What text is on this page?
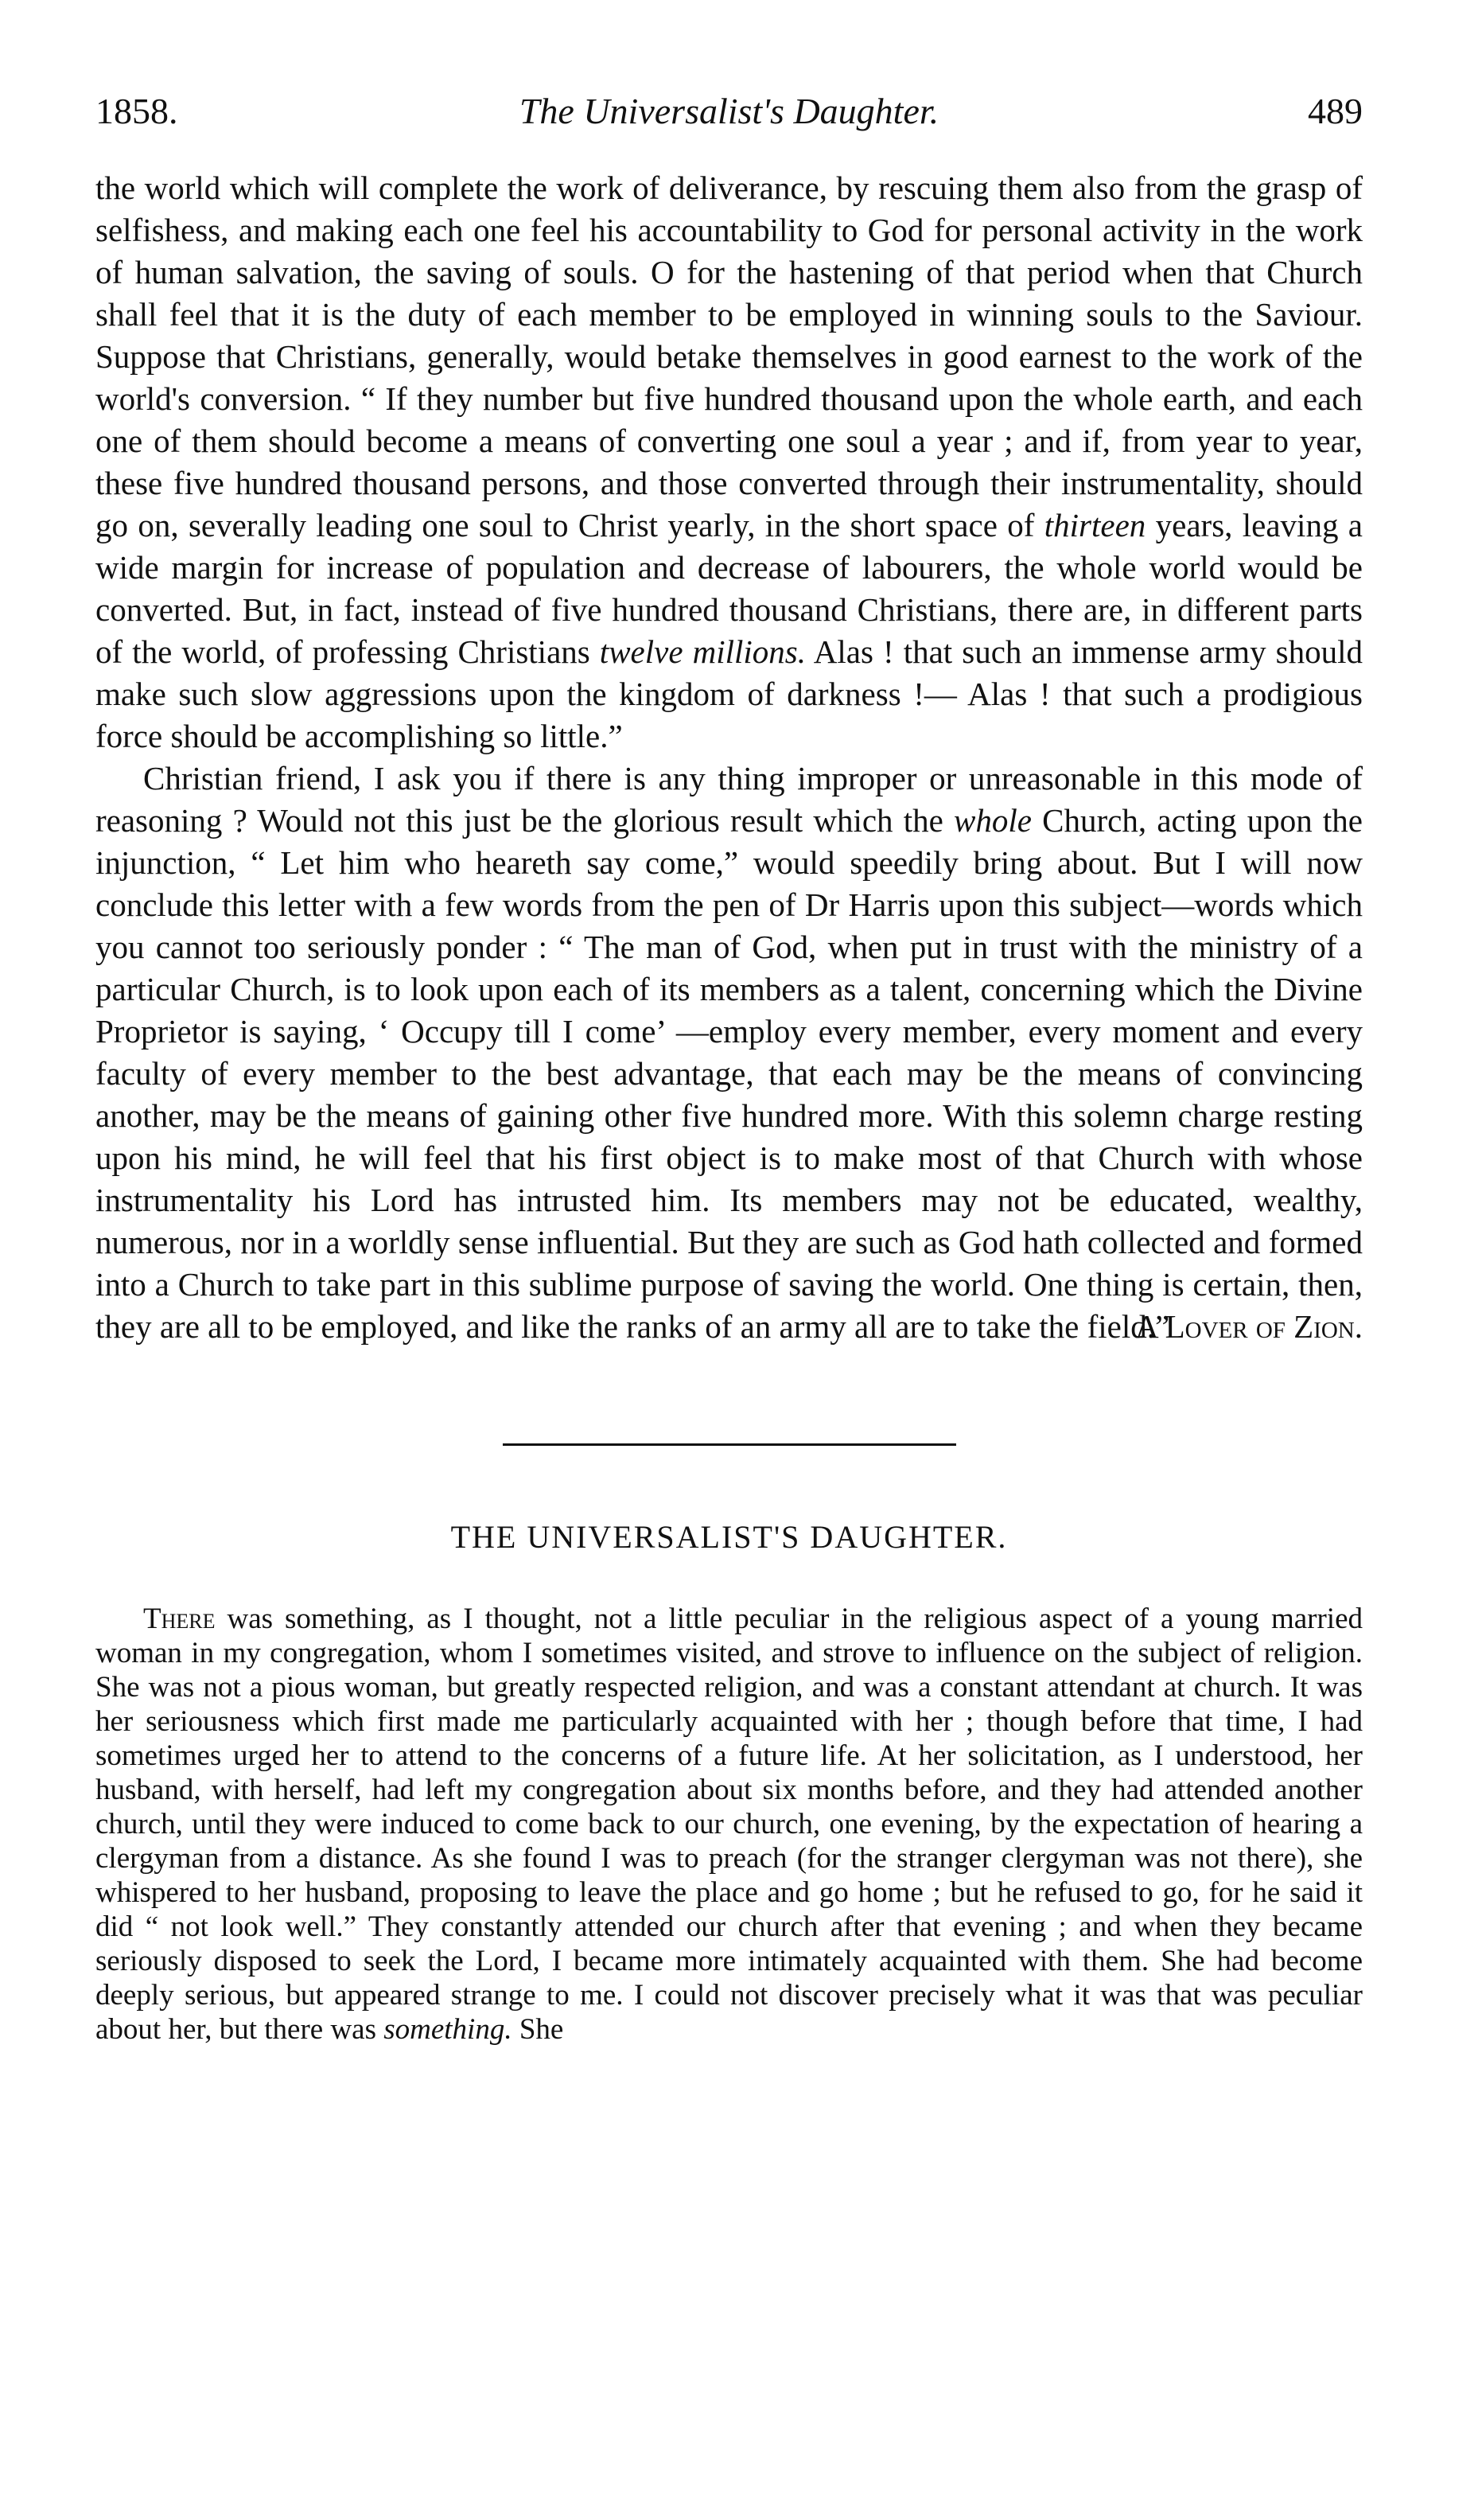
1858.	The Universalist's Daughter.	489

the world which will complete the work of deliverance, by rescuing them also from the grasp of selfishess, and making each one feel his accountability to God for personal activity in the work of human salvation, the saving of souls. O for the hastening of that period when that Church shall feel that it is the duty of each member to be employed in winning souls to the Saviour. Suppose that Christians, generally, would betake themselves in good earnest to the work of the world's conversion. “ If they number but five hundred thousand upon the whole earth, and each one of them should become a means of converting one soul a year ; and if, from year to year, these five hundred thousand persons, and those converted through their instrumentality, should go on, severally leading one soul to Christ yearly, in the short space of thirteen years, leaving a wide margin for increase of population and decrease of labourers, the whole world would be converted. But, in fact, instead of five hundred thousand Christians, there are, in different parts of the world, of professing Christians twelve millions. Alas ! that such an immense army should make such slow aggressions upon the kingdom of darkness !— Alas ! that such a prodigious force should be accomplishing so little.”

Christian friend, I ask you if there is any thing improper or unreasonable in this mode of reasoning ? Would not this just be the glorious result which the whole Church, acting upon the injunction, “ Let him who heareth say come,” would speedily bring about. But I will now conclude this letter with a few words from the pen of Dr Harris upon this subject—words which you cannot too seriously ponder : “ The man of God, when put in trust with the ministry of a particular Church, is to look upon each of its members as a talent, concerning which the Divine Proprietor is saying, ‘ Occupy till I come’ —employ every member, every moment and every faculty of every member to the best advantage, that each may be the means of convincing another, may be the means of gaining other five hundred more. With this solemn charge resting upon his mind, he will feel that his first object is to make most of that Church with whose instrumentality his Lord has intrusted him. Its members may not be educated, wealthy, numerous, nor in a worldly sense influential. But they are such as God hath collected and formed into a Church to take part in this sublime purpose of saving the world. One thing is certain, then, they are all to be employed, and like the ranks of an army all are to take the field.”

A Lover of Zion.
THE UNIVERSALIST'S DAUGHTER.

There was something, as I thought, not a little peculiar in the religious aspect of a young married woman in my congregation, whom I sometimes visited, and strove to influence on the subject of religion. She was not a pious woman, but greatly respected religion, and was a constant attendant at church. It was her seriousness which first made me particularly acquainted with her ; though before that time, I had sometimes urged her to attend to the concerns of a future life. At her solicitation, as I understood, her husband, with herself, had left my congregation about six months before, and they had attended another church, until they were induced to come back to our church, one evening, by the expectation of hearing a clergyman from a distance. As she found I was to preach (for the stranger clergyman was not there), she whispered to her husband, proposing to leave the place and go home ; but he refused to go, for he said it did “ not look well.” They constantly attended our church after that evening ; and when they became seriously disposed to seek the Lord, I became more intimately acquainted with them. She had become deeply serious, but appeared strange to me. I could not discover precisely what it was that was peculiar about her, but there was something. She
